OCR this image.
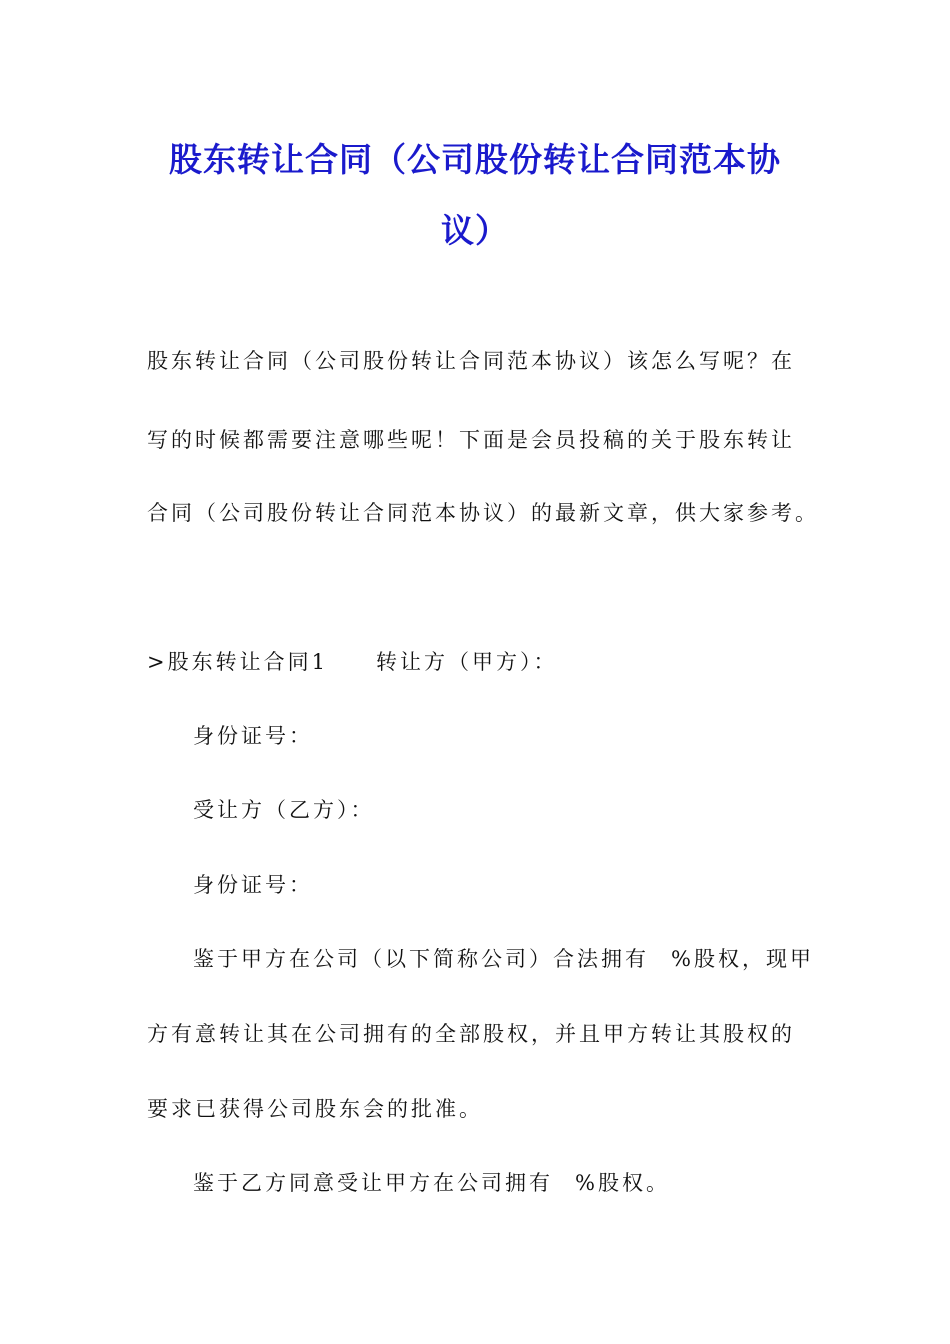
股东转让合同（公司股份转让合同范本协
议）

股东转让合同（公司股份转让合同范本协议）该怎么写呢？在

写的时候都需要注意哪些呢！下面是会员投稿的关于股东转让

合同（公司股份转让合同范本协议）的最新文章，供大家参考。

>股东转让合同1 转让方（甲方）：

身份证号：

受让方（乙方）：

身份证号：

鉴于甲方在公司（以下简称公司）合法拥有 %股权，现甲

方有意转让其在公司拥有的全部股权，并且甲方转让其股权的

要求已获得公司股东会的批准。

鉴于乙方同意受让甲方在公司拥有 %股权。
